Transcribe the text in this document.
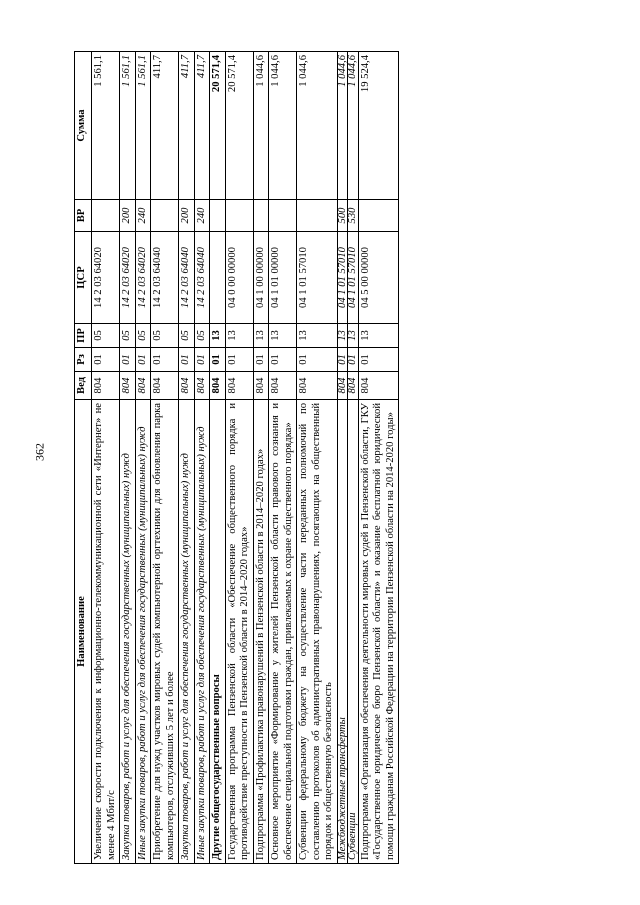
362
Наименование	Вед	Рз	ПР	ЦСР	ВР	Сумма
Увеличение скорости подключения к информационно-телекоммуникационной сети «Интернет» не менее 4 Мбит/с	804	01	05	14 2 03 64020		1 561,1
Закупка товаров, работ и услуг для обеспечения государственных (муниципальных) нужд	804	01	05	14 2 03 64020	200	1 561,1
Иные закупки товаров, работ и услуг для обеспечения государственных (муниципальных) нужд	804	01	05	14 2 03 64020	240	1 561,1
Приобретение для нужд участков мировых судей компьютерной оргтехники для обновления парка компьютеров, отслуживших 5 лет и более	804	01	05	14 2 03 64040		411,7
Закупка товаров, работ и услуг для обеспечения государственных (муниципальных) нужд	804	01	05	14 2 03 64040	200	411,7
Иные закупки товаров, работ и услуг для обеспечения государственных (муниципальных) нужд	804	01	05	14 2 03 64040	240	411,7
Другие общегосударственные вопросы	804	01	13			20 571,4
Государственная программа Пензенской области «Обеспечение общественного порядка и противодействие преступности в Пензенской области в 2014–2020 годах»	804	01	13	04 0 00 00000		20 571,4
Подпрограмма «Профилактика правонарушений в Пензенской области в 2014–2020 годах»	804	01	13	04 1 00 00000		1 044,6
Основное мероприятие «Формирование у жителей Пензенской области правового сознания и обеспечение специальной подготовки граждан, привлекаемых к охране общественного порядка»	804	01	13	04 1 01 00000		1 044,6
Субвенции федеральному бюджету на осуществление части переданных полномочий по составлению протоколов об административных правонарушениях, посягающих на общественный порядок и общественную безопасность	804	01	13	04 1 01 57010		1 044,6
Межбюджетные трансферты	804	01	13	04 1 01 57010	500	1 044,6
Субвенции	804	01	13	04 1 01 57010	530	1 044,6
Подпрограмма «Организация обеспечения деятельности мировых судей в Пензенской области, ГКУ «Государственное юридическое бюро Пензенской области» и оказание бесплатной юридической помощи гражданам Российской Федерации на территории Пензенской области на 2014-2020 годы»	804	01	13	04 5 00 00000		19 524,4
